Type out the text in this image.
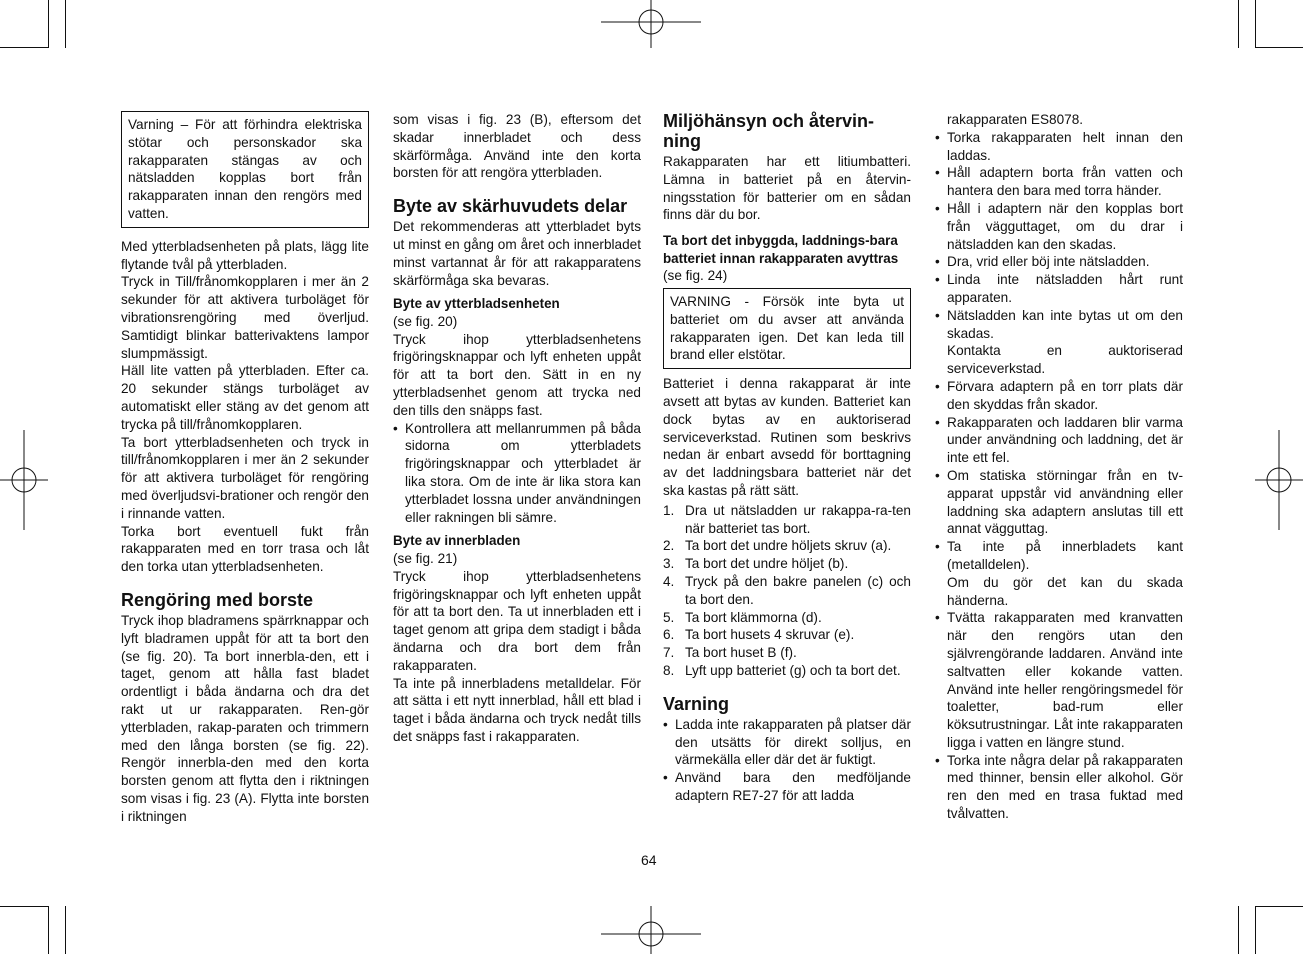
Varning – För att förhindra elektriska stötar och personskador ska rakapparaten stängas av och nätsladden kopplas bort från rakapparaten innan den rengörs med vatten.

Med ytterbladsenheten på plats, lägg lite flytande tvål på ytterbladen.

Tryck in Till/frånomkopplaren i mer än 2 sekunder för att aktivera turboläget för vibrationsrengöring med överljud. Samtidigt blinkar batterivaktens lampor slumpmässigt.

Häll lite vatten på ytterbladen. Efter ca. 20 sekunder stängs turboläget av automatiskt eller stäng av det genom att trycka på till/frånomkopplaren.

Ta bort ytterbladsenheten och tryck in till/frånomkopplaren i mer än 2 sekunder för att aktivera turboläget för rengöring med överljudsvi-brationer och rengör den i rinnande vatten.

Torka bort eventuell fukt från rakapparaten med en torr trasa och låt den torka utan ytterbladsenheten.

Rengöring med borste

Tryck ihop bladramens spärrknappar och lyft bladramen uppåt för att ta bort den (se fig. 20). Ta bort innerbla-den, ett i taget, genom att hålla fast bladet ordentligt i båda ändarna och dra det rakt ut ur rakapparaten. Ren-gör ytterbladen, rakap-paraten och trimmern med den långa borsten (se fig. 22). Rengör innerbla-den med den korta borsten genom att flytta den i riktningen som visas i fig. 23 (A). Flytta inte borsten i riktningen

som visas i fig. 23 (B), eftersom det skadar innerbladet och dess skärförmåga. Använd inte den korta borsten för att rengöra ytterbladen.

Byte av skärhuvudets delar

Det rekommenderas att ytterbladet byts ut minst en gång om året och innerbladet minst vartannat år för att rakapparatens skärförmåga ska bevaras.

Byte av ytterbladsenheten

(se fig. 20)

Tryck ihop ytterbladsenhetens frigöringsknappar och lyft enheten uppåt för att ta bort den. Sätt in en ny ytterbladsenhet genom att trycka ned den tills den snäpps fast.

• Kontrollera att mellanrummen på båda sidorna om ytterbladets frigöringsknappar och ytterbladet är lika stora. Om de inte är lika stora kan ytterbladet lossna under användningen eller rakningen bli sämre.
Byte av innerbladen

(se fig. 21)

Tryck ihop ytterbladsenhetens frigöringsknappar och lyft enheten uppåt för att ta bort den. Ta ut innerbladen ett i taget genom att gripa dem stadigt i båda ändarna och dra bort dem från rakapparaten.

Ta inte på innerbladens metalldelar. För att sätta i ett nytt innerblad, håll ett blad i taget i båda ändarna och tryck nedåt tills det snäpps fast i rakapparaten.

Miljöhänsyn och återvin-ning

Rakapparaten har ett litiumbatteri. Lämna in batteriet på en återvin-ningsstation för batterier om en sådan finns där du bor.

Ta bort det inbyggda, laddnings-bara batteriet innan rakapparaten avyttras

(se fig. 24)

VARNING - Försök inte byta ut batteriet om du avser att använda rakapparaten igen. Det kan leda till brand eller elstötar.

Batteriet i denna rakapparat är inte avsett att bytas av kunden. Batteriet kan dock bytas av en auktoriserad serviceverkstad. Rutinen som beskrivs nedan är enbart avsedd för borttagning av det laddningsbara batteriet när det ska kastas på rätt sätt.

1. Dra ut nätsladden ur rakappa-ra-ten när batteriet tas bort.
2. Ta bort det undre höljets skruv (a).
3. Ta bort det undre höljet (b).
4. Tryck på den bakre panelen (c) och ta bort den.
5. Ta bort klämmorna (d).
6. Ta bort husets 4 skruvar (e).
7. Ta bort huset B (f).
8. Lyft upp batteriet (g) och ta bort det.
Varning
• Ladda inte rakapparaten på platser där den utsätts för direkt solljus, en värmekälla eller där det är fuktigt.
• Använd bara den medföljande adaptern RE7-27 för att ladda

rakapparaten ES8078.

• Torka rakapparaten helt innan den laddas.
• Håll adaptern borta från vatten och hantera den bara med torra händer.
• Håll i adaptern när den kopplas bort från vägguttaget, om du drar i nätsladden kan den skadas.
• Dra, vrid eller böj inte nätsladden.
• Linda inte nätsladden hårt runt apparaten.
• Nätsladden kan inte bytas ut om den skadas.
Kontakta en auktoriserad serviceverkstad.
• Förvara adaptern på en torr plats där den skyddas från skador.
• Rakapparaten och laddaren blir varma under användning och laddning, det är inte ett fel.
• Om statiska störningar från en tv-apparat uppstår vid användning eller laddning ska adaptern anslutas till ett annat vägguttag.
• Ta inte på innerbladets kant (metalldelen).
Om du gör det kan du skada händerna.
• Tvätta rakapparaten med kranvatten när den rengörs utan den självrengörande laddaren. Använd inte saltvatten eller kokande vatten. Använd inte heller rengöringsmedel för toaletter, bad-rum eller köksutrustningar. Låt inte rakapparaten ligga i vatten en längre stund.
• Torka inte några delar på rakapparaten med thinner, bensin eller alkohol. Gör ren den med en trasa fuktad med tvålvatten.
64
